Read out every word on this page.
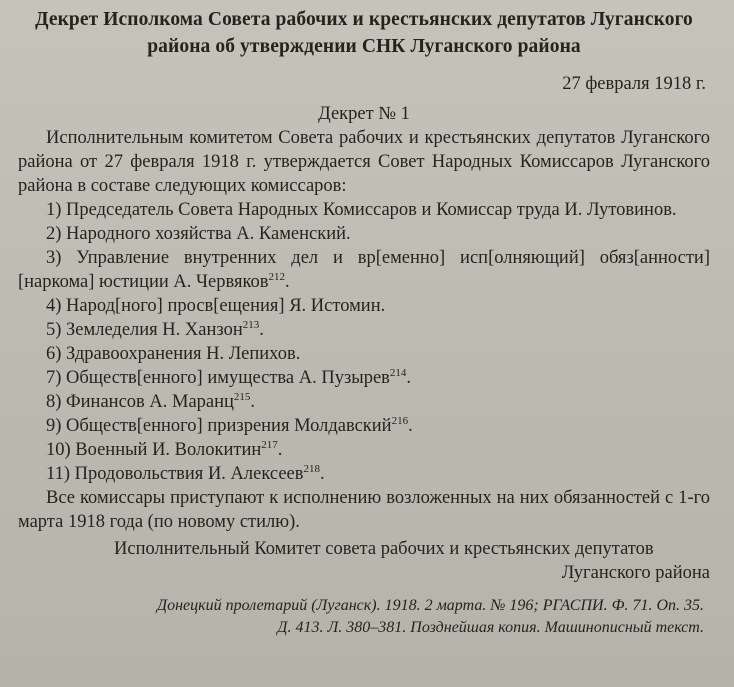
Декрет Исполкома Совета рабочих и крестьянских депутатов Луганского
района об утверждении СНК Луганского района
27 февраля 1918 г.
Декрет № 1

Исполнительным комитетом Совета рабочих и крестьянских депутатов Луганского района от 27 февраля 1918 г. утверждается Совет Народных Комиссаров Луганского района в составе следующих комиссаров:

1) Председатель Совета Народных Комиссаров и Комиссар труда И. Лутовинов.

2) Народного хозяйства А. Каменский.

3) Управление внутренних дел и вр[еменно] исп[олняющий] обяз[анности] [наркома] юстиции А. Червяков$^{212}$.

4) Народ[ного] просв[ещения] Я. Истомин.

5) Земледелия Н. Ханзон$^{213}$.

6) Здравоохранения Н. Лепихов.

7) Обществ[енного] имущества А. Пузырев$^{214}$.

8) Финансов А. Маранц$^{215}$.

9) Обществ[енного] призрения Молдавский$^{216}$.

10) Военный И. Волокитин$^{217}$.

11) Продовольствия И. Алексеев$^{218}$.

Все комиссары приступают к исполнению возложенных на них обязанностей с 1-го марта 1918 года (по новому стилю).

Исполнительный Комитет совета рабочих и крестьянских депутатов
Луганского района
Донецкий пролетарий (Луганск). 1918. 2 марта. № 196; РГАСПИ. Ф. 71. Оп. 35.
Д. 413. Л. 380–381. Позднейшая копия. Машинописный текст.
